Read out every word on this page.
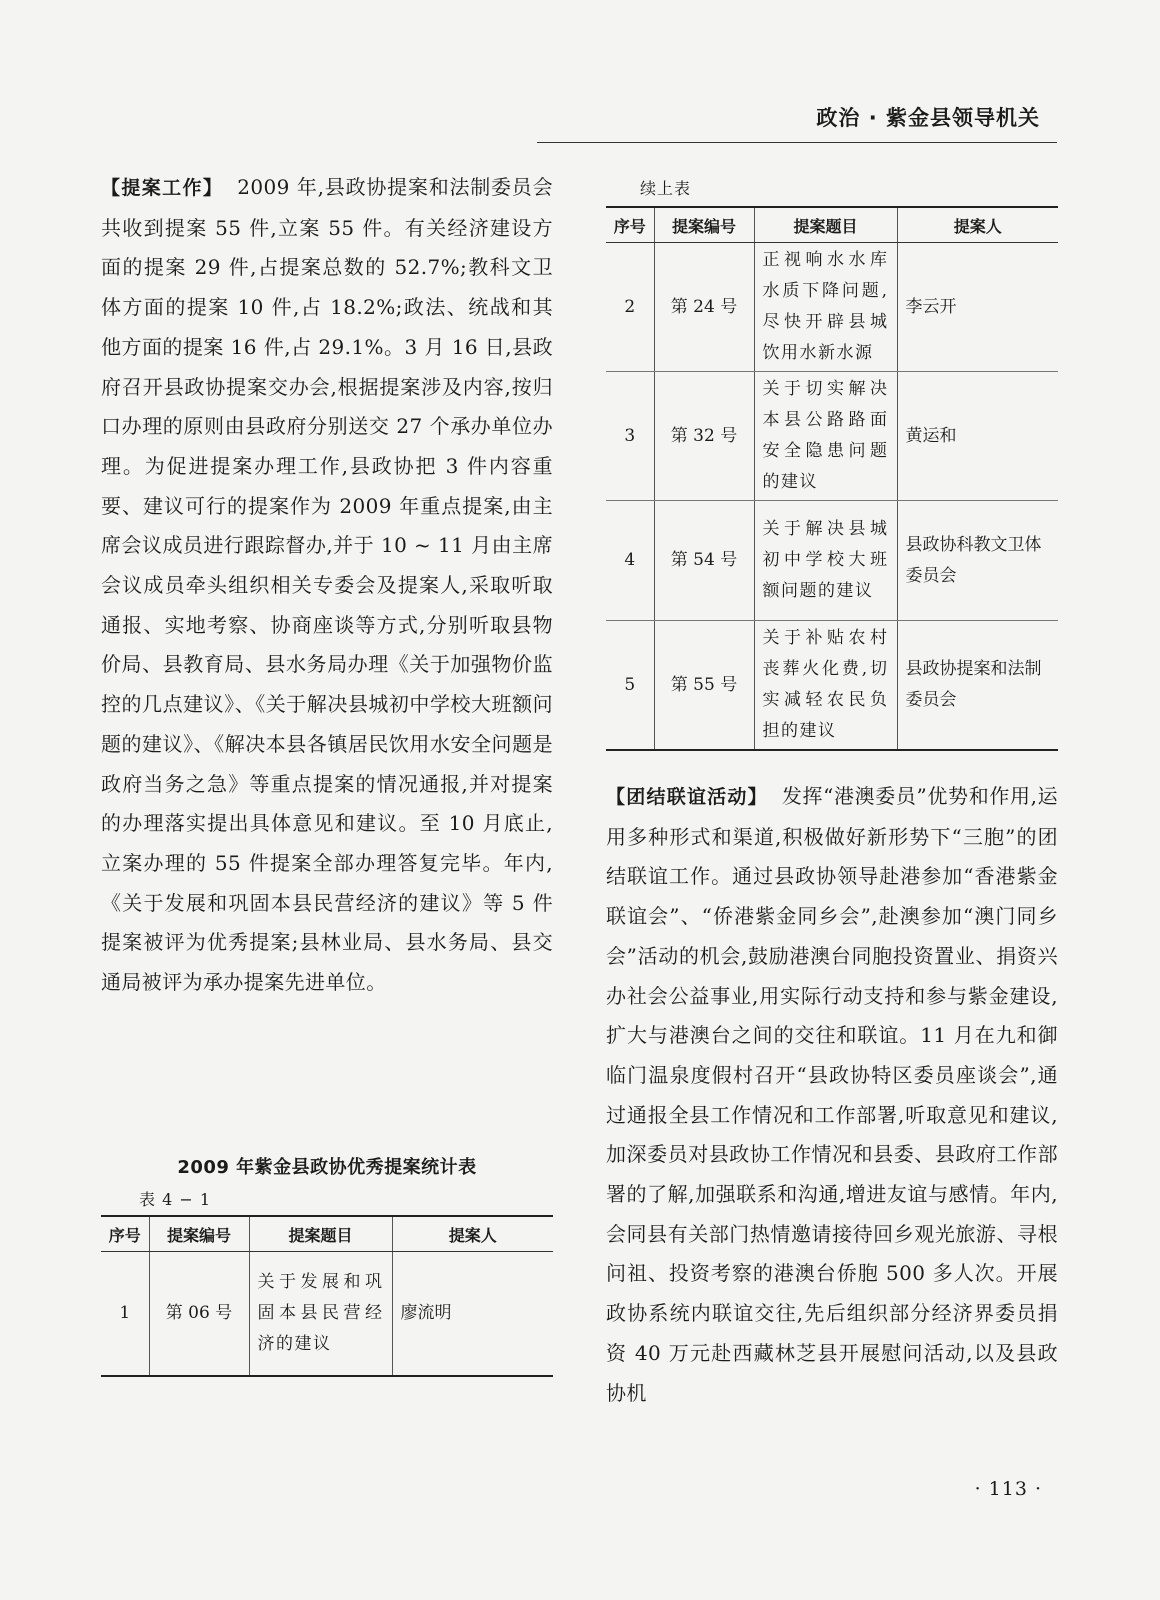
政治 · 紫金县领导机关

【提案工作】 2009 年,县政协提案和法制委员会共收到提案 55 件,立案 55 件。有关经济建设方面的提案 29 件,占提案总数的 52.7%;教科文卫体方面的提案 10 件,占 18.2%;政法、统战和其他方面的提案 16 件,占 29.1%。3 月 16 日,县政府召开县政协提案交办会,根据提案涉及内容,按归口办理的原则由县政府分别送交 27 个承办单位办理。为促进提案办理工作,县政协把 3 件内容重要、建议可行的提案作为 2009 年重点提案,由主席会议成员进行跟踪督办,并于 10 ~ 11 月由主席会议成员牵头组织相关专委会及提案人,采取听取通报、实地考察、协商座谈等方式,分别听取县物价局、县教育局、县水务局办理《关于加强物价监控的几点建议》、《关于解决县城初中学校大班额问题的建议》、《解决本县各镇居民饮用水安全问题是政府当务之急》等重点提案的情况通报,并对提案的办理落实提出具体意见和建议。至 10 月底止,立案办理的 55 件提案全部办理答复完毕。年内,《关于发展和巩固本县民营经济的建议》等 5 件提案被评为优秀提案;县林业局、县水务局、县交通局被评为承办提案先进单位。

2009 年紫金县政协优秀提案统计表
表 4 − 1
序号	提案编号	提案题目	提案人
1	第 06 号	关于发展和巩固本县民营经济的建议	廖流明
续上表
序号	提案编号	提案题目	提案人
2	第 24 号	正视响水水库水质下降问题,尽快开辟县城饮用水新水源	李云开
3	第 32 号	关于切实解决本县公路路面安全隐患问题的建议	黄运和
4	第 54 号	关于解决县城初中学校大班额问题的建议	县政协科教文卫体委员会
5	第 55 号	关于补贴农村丧葬火化费,切实减轻农民负担的建议	县政协提案和法制委员会

【团结联谊活动】 发挥“港澳委员”优势和作用,运用多种形式和渠道,积极做好新形势下“三胞”的团结联谊工作。通过县政协领导赴港参加“香港紫金联谊会”、“侨港紫金同乡会”,赴澳参加“澳门同乡会”活动的机会,鼓励港澳台同胞投资置业、捐资兴办社会公益事业,用实际行动支持和参与紫金建设,扩大与港澳台之间的交往和联谊。11 月在九和御临门温泉度假村召开“县政协特区委员座谈会”,通过通报全县工作情况和工作部署,听取意见和建议,加深委员对县政协工作情况和县委、县政府工作部署的了解,加强联系和沟通,增进友谊与感情。年内,会同县有关部门热情邀请接待回乡观光旅游、寻根问祖、投资考察的港澳台侨胞 500 多人次。开展政协系统内联谊交往,先后组织部分经济界委员捐资 40 万元赴西藏林芝县开展慰问活动,以及县政协机

· 113 ·
